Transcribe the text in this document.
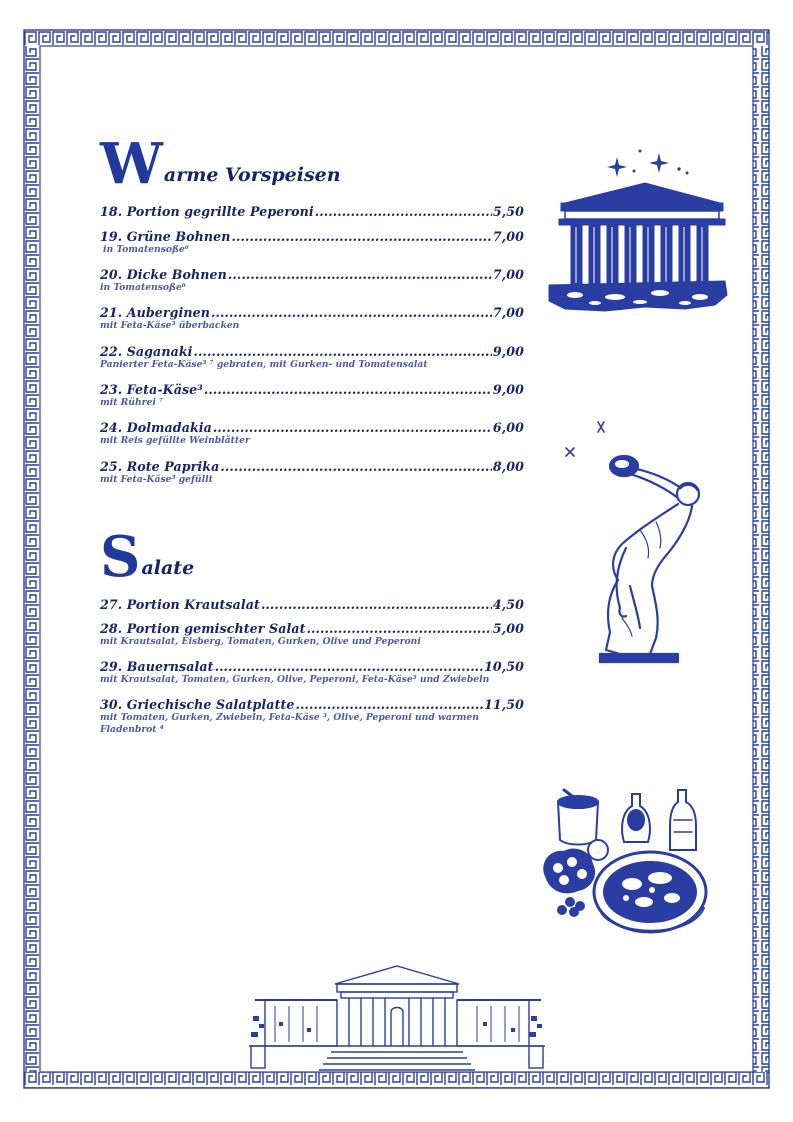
W arme Vorspeisen
18. Portion gegrillte Peperoni .....	5,50
19. Grüne Bohnen .....	7,00
in Tomatensoße⁶
20. Dicke Bohnen .....	7,00
in Tomatensoße⁶
21. Auberginen .....	7,00
mit Feta-Käse³ überbacken
22. Saganaki .....	9,00
Panierter Feta-Käse³ ⁷ gebraten, mit Gurken- und Tomatensalat
23. Feta-Käse³ .....	9,00
mit Rührei ⁷
24. Dolmadakia .....	6,00
mit Reis gefüllte Weinblätter
25. Rote Paprika .....	8,00
mit Feta-Käse³ gefüllt
S alate
27. Portion Krautsalat .....	4,50
28. Portion gemischter Salat .....	5,00
mit Krautsalat, Eisberg, Tomaten, Gurken, Olive und Peperoni
29. Bauernsalat .....	10,50
mit Krautsalat, Tomaten, Gurken, Olive, Peperoni, Feta-Käse³ und Zwiebeln
30. Griechische Salatplatte .....	11,50
mit Tomaten, Gurken, Zwiebeln, Feta-Käse ³, Olive, Peperoni und warmen Fladenbrot ⁴
